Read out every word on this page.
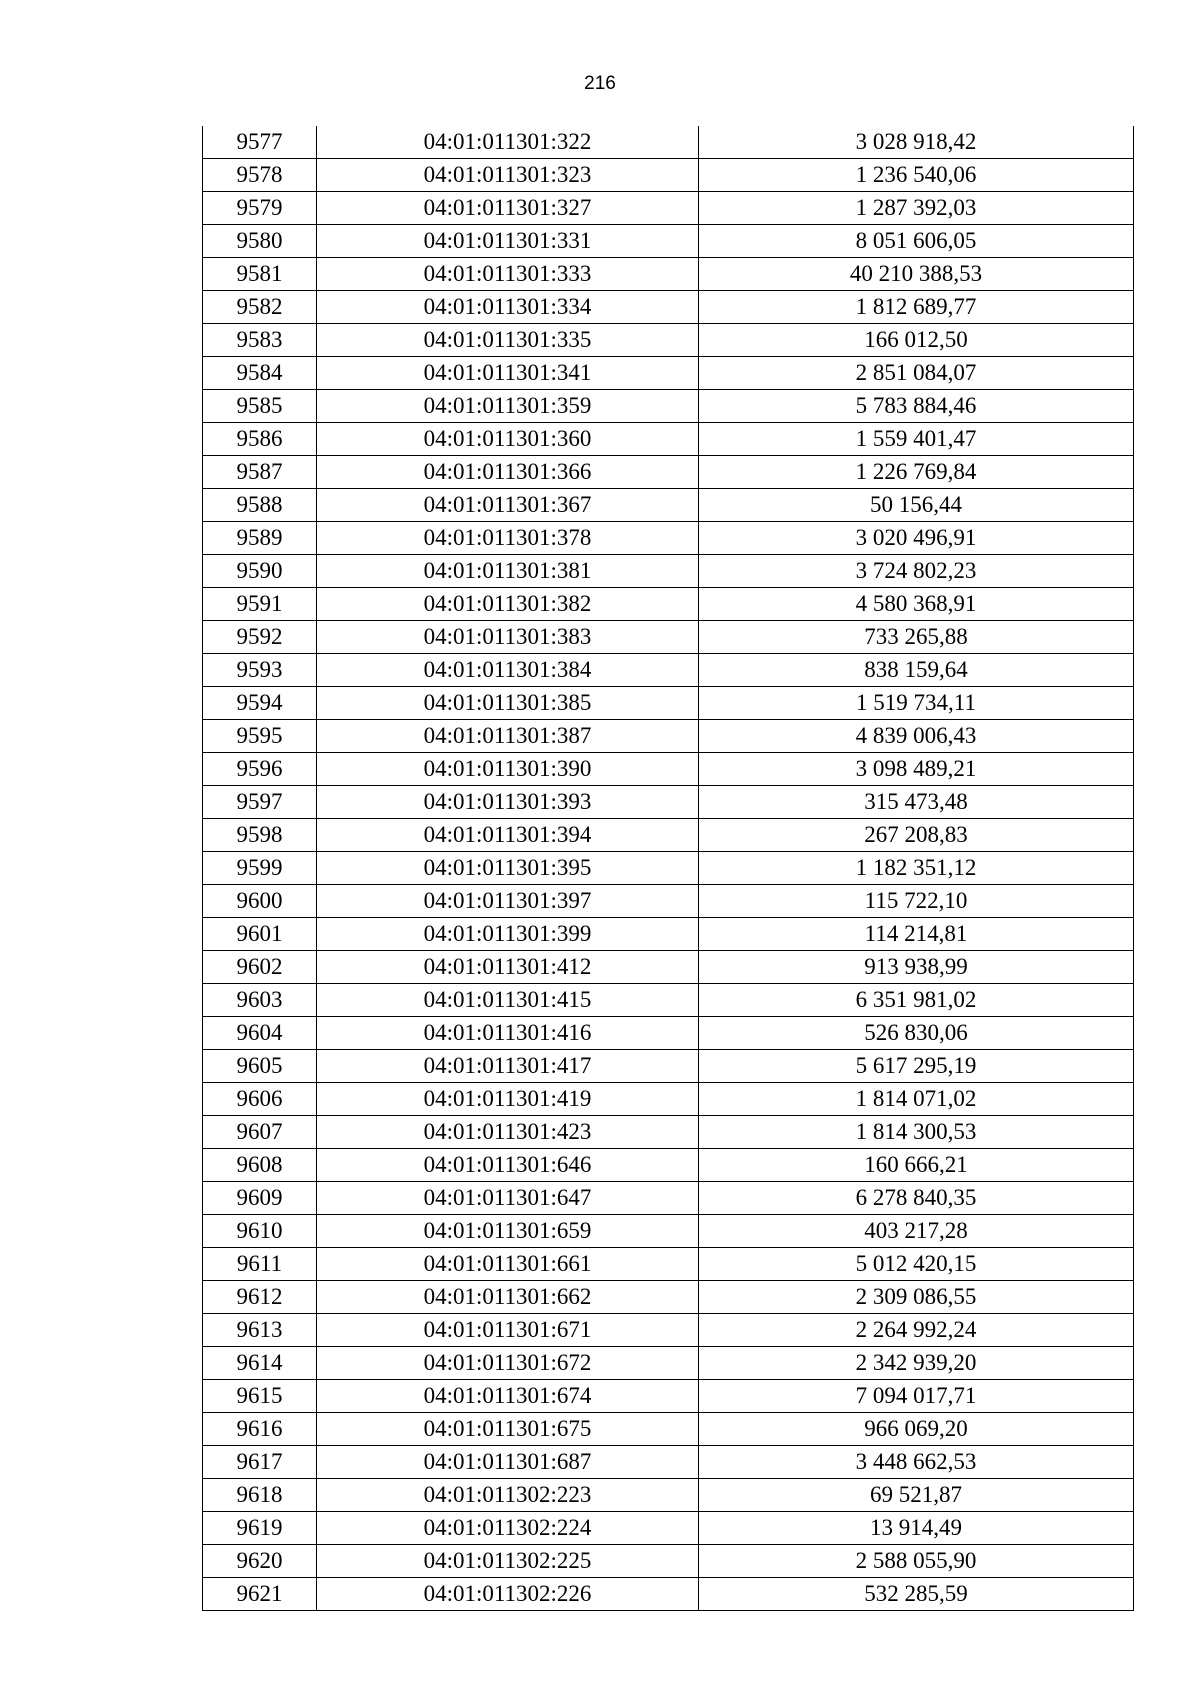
216
9577	04:01:011301:322	3 028 918,42
9578	04:01:011301:323	1 236 540,06
9579	04:01:011301:327	1 287 392,03
9580	04:01:011301:331	8 051 606,05
9581	04:01:011301:333	40 210 388,53
9582	04:01:011301:334	1 812 689,77
9583	04:01:011301:335	166 012,50
9584	04:01:011301:341	2 851 084,07
9585	04:01:011301:359	5 783 884,46
9586	04:01:011301:360	1 559 401,47
9587	04:01:011301:366	1 226 769,84
9588	04:01:011301:367	50 156,44
9589	04:01:011301:378	3 020 496,91
9590	04:01:011301:381	3 724 802,23
9591	04:01:011301:382	4 580 368,91
9592	04:01:011301:383	733 265,88
9593	04:01:011301:384	838 159,64
9594	04:01:011301:385	1 519 734,11
9595	04:01:011301:387	4 839 006,43
9596	04:01:011301:390	3 098 489,21
9597	04:01:011301:393	315 473,48
9598	04:01:011301:394	267 208,83
9599	04:01:011301:395	1 182 351,12
9600	04:01:011301:397	115 722,10
9601	04:01:011301:399	114 214,81
9602	04:01:011301:412	913 938,99
9603	04:01:011301:415	6 351 981,02
9604	04:01:011301:416	526 830,06
9605	04:01:011301:417	5 617 295,19
9606	04:01:011301:419	1 814 071,02
9607	04:01:011301:423	1 814 300,53
9608	04:01:011301:646	160 666,21
9609	04:01:011301:647	6 278 840,35
9610	04:01:011301:659	403 217,28
9611	04:01:011301:661	5 012 420,15
9612	04:01:011301:662	2 309 086,55
9613	04:01:011301:671	2 264 992,24
9614	04:01:011301:672	2 342 939,20
9615	04:01:011301:674	7 094 017,71
9616	04:01:011301:675	966 069,20
9617	04:01:011301:687	3 448 662,53
9618	04:01:011302:223	69 521,87
9619	04:01:011302:224	13 914,49
9620	04:01:011302:225	2 588 055,90
9621	04:01:011302:226	532 285,59
